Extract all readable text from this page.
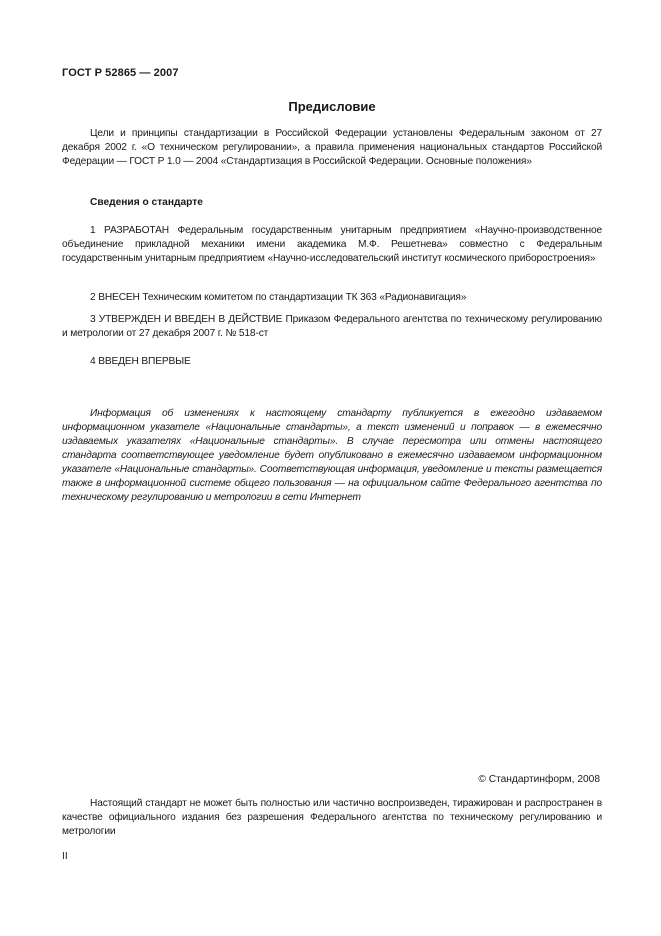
ГОСТ Р 52865 — 2007
Предисловие

Цели и принципы стандартизации в Российской Федерации установлены Федеральным законом от 27 декабря 2002 г. «О техническом регулировании», а правила применения национальных стандартов Российской Федерации — ГОСТ Р 1.0 — 2004 «Стандартизация в Российской Федерации. Основные положения»

Сведения о стандарте

1 РАЗРАБОТАН Федеральным государственным унитарным предприятием «Научно-производственное объединение прикладной механики имени академика М.Ф. Решетнева» совместно с Федеральным государственным унитарным предприятием «Научно-исследовательский институт космического приборостроения»

2 ВНЕСЕН Техническим комитетом по стандартизации ТК 363 «Радионавигация»

3 УТВЕРЖДЕН И ВВЕДЕН В ДЕЙСТВИЕ Приказом Федерального агентства по техническому регулированию и метрологии от 27 декабря 2007 г. № 518-ст

4 ВВЕДЕН ВПЕРВЫЕ

Информация об изменениях к настоящему стандарту публикуется в ежегодно издаваемом информационном указателе «Национальные стандарты», а текст изменений и поправок — в ежемесячно издаваемых указателях «Национальные стандарты». В случае пересмотра или отмены настоящего стандарта соответствующее уведомление будет опубликовано в ежемесячно издаваемом информационном указателе «Национальные стандарты». Соответствующая информация, уведомление и тексты размещается также в информационной системе общего пользования — на официальном сайте Федерального агентства по техническому регулированию и метрологии в сети Интернет

© Стандартинформ, 2008

Настоящий стандарт не может быть полностью или частично воспроизведен, тиражирован и распространен в качестве официального издания без разрешения Федерального агентства по техническому регулированию и метрологии

II
